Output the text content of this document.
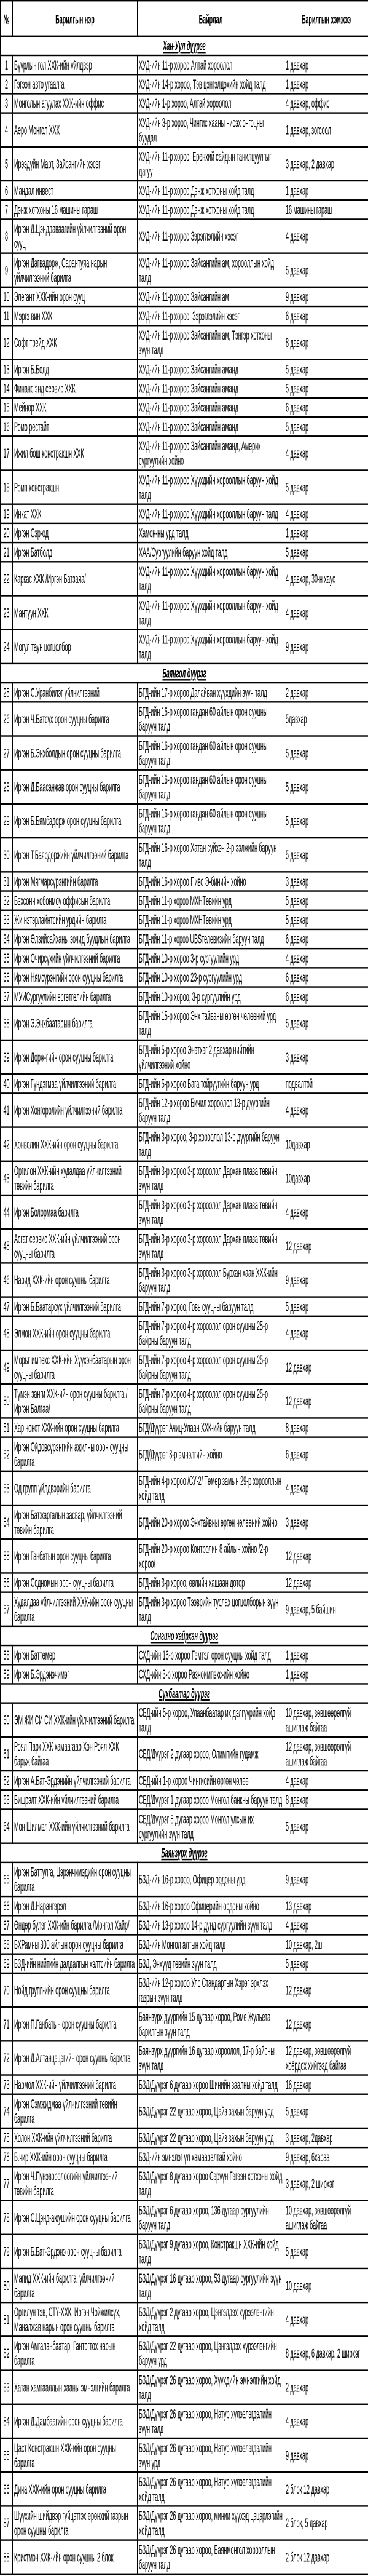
№	Барилгын нэр	Байрлал	Барилгын хэмжээ
Хан-Уул дүүрэг			
1	Бүүрлын гол ХХК-ийн үйлдвэр	ХУД-ийн 11-р хороо Алтай хороолол	1 давхар
2	Гэгээн авто угаалга	ХУД-ийн 14-р хороо, Тэв цэнгэлдэхийн хойд талд	1 давхар
3	Монголын агуулах ХХК-ийн оффис	ХУД-ийн 1-р хороо, Алтай хороолол	4 давхар, оффис
4	Аеро Монгол ХХК	ХУД-ийн 3-р хороо, Чингис хааны нисэх онгоцны буудал	1 давхар, зогсоол
5	Ирээдүйн Март, Зайсангийн хэсэг	ХУД-ийн 11-р хороо, Ерөнхий сайдын танилцуулгыг дагуу	3 давхар, 2 давхар
6	Мандал инвест	ХУД-ийн 11-р хороо Дэнж хотхоны хойд талд	1 давхар
7	Дэнж хотхоны 16 машины гараш	ХУД-ийн 11-р хороо Дэнж хотхоны хойд талд	16 машины гараш
8	Иргэн Д.Цэнддаваагийн үйлчилгээний орон сууц	ХУД-ийн 11-р хороо Зэрэглэлийн хэсэг	4 давхар
9	Иргэн Дагвадорж, Сарантуяа нарын үйлчилгээний барилга	ХУД-ийн 11-р хороо Зайсангийн ам, хорооллын хойд талд	5 давхар
10	Элегант ХХК-ийн орон сууц	ХУД-ийн 11-р хороо Зайсангийн ам	9 давхар
11	Мэргэ вин ХХК	ХУД-ийн 11-р хороо, Зэрэглэлийн хэсэг	6 давхар
12	Софт трейд ХХК	ХУД-ийн 11-р хороо Зайсангийн ам, Тэнгэр хотхоны зүүн талд	8 давхар
13	Иргэн Б.Болд	ХУД-ийн 11-р хороо Зайсангийн аманд	5 давхар
14	Финанс энд сервис ХХК	ХУД-ийн 11-р хороо Зайсангийн аманд	5 давхар
15	Мейнор ХХК	ХУД-ийн 11-р хороо Зайсангийн аманд	6 давхар
16	Ромо рестайт	ХУД-ийн 11-р хороо Зайсангийн аманд	5 давхар
17	Ижил бош констракшн ХХК	ХУД-ийн 11-р хороо Зайсангийн аманд, Америк сургуулийн хойно	4 давхар
18	Ромп констракшн	ХУД-ийн 11-р хороо Хүүхдийн хорооллын баруун хойд талд	5 давхар
19	Инкат ХХК	ХУД-ийн 11-р хороо Хүүхдийн хорооллын баруун талд	4 давхар
20	Иргэн Сэр-од	Хамон-ны урд талд	1 давхар
21	Иргэн Батболд	ХАА/Сургуулийн баруун хойд талд	5 давхар
22	Каркас ХХК /Иргэн Батзаяа/	ХУД-ийн 11-р хороо Хүүхдийн хорооллын баруун хойд талд	4 давхар, 30-н хаус
23	Мантуун ХХК	ХУД-ийн 11-р хороо Хүүхдийн хорооллын баруун хойд талд	4 давхар
24	Могул таун цогцолбор	ХУД-ийн 11-р хороо Хүүхдийн хорооллын баруун хойд талд	9 давхар
Баянгол дүүрэг			
25	Иргэн С.Уранбилэг үйлчилгээний	БГД-ийн 17-р хороо Далайван хүүхдийн зүүн талд	2 давхар
26	Иргэн Ч.Батсүх орон сууцны барилга	БГД-ийн 16-р хороо гандан 60 айлын орон сууцны баруун талд	5давхар
27	Иргэн Б.Энхболдын орон сууцны барилга	БГД-ийн 16-р хороо гандан 60 айлын орон сууцны баруун талд	5 давхар
28	Иргэн Д.Баасанжав орон сууцны барилга	БГД-ийн 16-р хороо гандан 60 айлын орон сууцны баруун талд	5 давхар
29	Иргэн Б.Бямбадорж орон сууцны барилга	БГД-ийн 16-р хороо гандан 60 айлын орон сууцны баруун талд	5 давхар
30	Иргэн Т.Баярдоржийн үйлчилгээний барилга	БГД-ийн 16-р хороо Хатан суйхэн 2-р ээлжийн баруун талд	5 давхар
31	Иргэн Мягмарсүрэнгийн барилга	БГД-ийн 16-р хороо Пиво Э-бинийн хойно	3 давхар
32	Бэхсонн хобонмоу оффисын барилга	БГД-ийн 11-р хороо МХНТөвийн урд	5 давхар
33	Жи нэтэрлайнтсийн урдийн барилга	БГД-ийн 11-р хороо МХНТөвийн урд	5 давхар
34	Иргэн Өлзийсайханы зочид буудлын барилга	БГД-ийн 11-р хороо UBSтелевизийн баруун талд	6 давхар
35	Иргэн Очирсүхийн үйлчилгээний барилга	БГД-ийн 10-р хороо 3-р сургуулийн урд	4 давхар
36	Иргэн Нямсүрэнгийн орон сууцны барилга	БГД-ийн 10-р хороо 23-р сургуулийн урд	6 давхар
37	МУИСургуулийн өргөтгөлийн барилга	БГД-ийн 10-р хороо, 3-р сургуулийн урд	6 давхар
38	Иргэн Э.Энхбаатарын барилга	БГД-ийн 15-р хороо Энх тайваны өргөн чөлөөний урд талд	5 давхар
39	Иргэн Дорж-гийн орон сууцны барилга	БГД-ийн 5-р хороо Энэтхэг 2 давхар нийтийн үйлчилгээний хойно	3 давхар
40	Иргэн Гүндэгмаа үйлчилгээний барилга	БГД-ийн 5-р хороо Бага тойруугийн баруун урд	подвалтой
41	Иргэн Хонгоролийн үйлчилгээний барилга	БГД-ийн 12-р хороо Бичил хороолол 13-р дүүргийн баруун талд	4 давхар
42	Хонволин ХХК-ийн орон сууцны барилга	БГД-ийн 3-р хороо, 3-р хороолол 13-р дүүргийн баруун талд	10давхар
43	Оргилон ХХК-ийн худалдаа үйлчилгээний төвийн барилга	БГД-ийн 3-р хороо 3-р хороолол Дархан плаза төвийн зүүн талд	10давхар
44	Иргэн Болормаа барилга	БГД-ийн 3-р хороо 3-р хороолол Дархан плаза төвийн зүүн талд	4 давхар
45	Асгат сервис ХХК-ийн үйлчилгээний орон сууцны барилга	БГД-ийн 3-р хороо 3-р хороолол Дархан плаза төвийн зүүн талд	12 давхар
46	Нарид ХХК-ийн орон сууцны барилга	БГД-ийн 3-р хороо 3-р хороолол Бурхан хаан ХХК-ийн баруун талд	9 давхар
47	Иргэн Б.Баатарсүх үйлчилгээний барилга	БГД-ийн 7-р хороо, Говь сууцны баруун талд	5 давхар
48	Элмон ХХК-ийн орон сууцны барилга	БГД-ийн 7-р хороо 4-р хороолол орон сууцны 25-р байрны баруун талд	4 давхар
49	Морьт импекс ХХК-ийн Хүүхэнбаатарын орон сууцны барилга	БГД-ийн 7-р хороо 4-р хороолол орон сууцны 25-р байрны баруун талд	12 давхар
50	Түмэн занги ХХК-ийн орон сууцны барилга /Иргэн Балгаа/	БГД-ийн 7-р хороо 4-р хороолол орон сууцны 25-р байрны баруун талд	12 давхар
51	Хар чонот ХХК-ийн орон сууцны барилга	БГД/Дүүрэг Ачиц-Улаан ХХК-ийн баруун талд	8 давхар
52	Иргэн Ойдовсүрэнгийн ажилны орон сууцны барилга	БГД/Дүүрэг 3-р эмнэлгийн хойно	6 давхар
53	Од групп үйлдвэрийн барилга	БГД-ийн 4-р хороо /СУ-2/ Төмөр замын 29-р хорооллын хойд талд	4 давхар
54	Иргэн Батжаргалын засвар, үйлчилгээний төвийн барилга	БГД-ийн 20-р хороо Энхтайвны өргөн чөлөөний хойно	3 давхар
55	Иргэн Ганбатын орон сууцны барилга	БГД-ийн 20-р хороо Контролин 8 айлын хойно /2-р хороо/	12 давхар
56	Иргэн Содномын орон сууцны барилга	БГД-ийн 3-р хороо, өвлийн хашаан дотор	12 давхар
57	Худалдаа үйлчилгээний ХХК-ийн орон сууцны барилга	БГД-ийн 3-р хороо Тээврийн туслах цогцолборын зүүн талд	9 давхар, 5 байшин
Сонгино хайрхан дүүрэг			
58	Иргэн Баттөмөр	СХД-ийн 16-р хороо Гэмтэл орон сууцны хойд талд	1 давхар
59	Иргэн Б.Эрдэнэчимэг	СХД-ийн 3-р хороо Разноимпэкс-ийн хойно	1 давхар
Сүхбаатар дүүрэг			
60	ЭМ ЖИ СИ СИ ХХК-ийн үйлчилгээний барилга	СБД-ийн 5-р хороо, Улаанбаатар их дэлгүүрийн хойд талд	10 давхар, зөвшөөрөлгүй ашиглаж байгаа
61	Роял Парк ХХК хамаагаар Хэн Роял ХХК барьж байгаа	СБД/Дүүрэг 2 дугаар хороо, Олимпийн гудамж	12 давхар, зөвшөөрөлгүй ашиглаж байгаа
62	Иргэн А.Бат-Эрдэнийн үйлчилгээний барилга	СБД-ийн 1-р хороо Чингисийн өргөн чөлөө	4 давхар
63	Бишрэлт ХХК-ийн үйлчилгээний барилга	СБД/Дүүрэг 1 дугаар хороо Монгол банкны баруун талд	8 давхар
64	Мон Шилмэл ХХК-ийн үйлчилгээний барилга	СБД/Дүүрэг 8 дугаар хороо Монгол улсын их сургуулийн зүүн талд	5 давхар
Баянзүрх дүүрэг			
65	Иргэн Баттулга, Цэрэнчимэдийн орон сууцны барилга	БЗД-ийн 16-р хороо, Офицер ордоны урд	9 давхар
66	Иргэн Д.Нарангэрэл	БЗД-ийн 16-р хороо Офицерийн ордоны хойно	13 давхар
67	Өндөр булэг ХХК-ийн барилга /Монгол Хайр/	БЗД-ийн 13-р хороо 14-р дунд сургуулийн зүүн талд	4 давхар
68	БХРамны 300 айлын орон сууцны барилга	БЗД-ийн Монгол алтын хойд талд	10 давхар, 2ш
69	БЗД-ийн нийтийн далдалгын хэлтсийн барилга	БЗД, Энхүүд төвийн зүүн талд	5 давхар
70	Нойд групп-ийн орон сууцны барилга	БЗД-ийн 12-р хороо Улс Стандартын Хэрэг эрхлэх газрын зүүн талд	12 давхар
71	Иргэн П.Ганбатын орон сууцны барилга	Баянзүрх дүүргийн 15 дугаар хороо, Роме Жульета барилгын зүүн талд	12 давхар
72	Иргэн Д.Алтанцэцэгийн орон сууцны барилга	Баянзүрх дүүргийн 16 дугаар хороолол, 17-р байрны зүүн талд	12 давхар, зөвшөөрөлгүй хоёрдох хийгээд байгаа
73	Нармол ХХК-ийн үйлчилгээний барилга	БЗД/Дүүрэг 6 дугаар хороо Шинийн заалны хойд талд	16 давхар
74	Иргэн Сэмжидмаа үйлчилгээний төвийн барилга	БЗД/Дүүрэг 22 дугаар хороо, Цайз захын баруун урд	5 давхар
75	Холон ХХК-ийн үйлчилгээний барилга	БЗД/Дүүрэг 22 дугаар хороо, Цайз захын баруун урд	3 давхар, 2давхар
76	Б.чир ХХК-ийн орон сууцны барилга	БЗД-ийн эмнэлэг үл хамааралтай хойно	9 давхар, 6хараа
77	Иргэн Ч.Пүнэворолоогийн үйлчилгээний төвийн барилга	БЗД/Дүүрэг 8 дугаар хороо Сэрүүн Гэгээн хотхоны хойд талд	3 давхар, 2 ширхэг
78	Иргэн С.Цэнд-аюушийн орон сууцны барилга	БЗД/Дүүрэг 6 дугаар хороо, 136 дугаар сургуулийн баруун талд	10 давхар, зөвшөөрөлгүй ашиглаж байгаа
79	Иргэн Б.Бат-Эрдэнэ орон сууцны барилга	БЗД/Дүүрэг 9 дугаар хороо, Констракшн ХХК-ийн хойд талд	5 давхар
80	Мапид ХХК-ийн барилга, үйлчилгээний барилга	БЗД/Дүүрэг 16 дугаар хороо, 53 дугаар сургуулийн зүүн талд	10 давхар
81	Оргилун тэв, СТҮ-ХХК, Иргэн Чойжилсүх, Маналжав нарын орон сууцны барилга	БЗД/Дүүрэг 2 дугаар хороо, Цэнгэлдэх хүрээлэнгийн хойд талд	4 давхар
82	Иргэн Амгаланбаатар, Гантогтох нарын барилга	БЗД/Дүүрэг 22 дугаар хороо, Цэнгэлдэх хүрээлэнгийн баруун урд	8 давхар, 6 давхар, 2 ширхэг
83	Хатан хамгааллын хааны эмнэлгийн барилга	БЗД/Дүүрэг 26 дугаар хороо, Хүүхдийн эмнэлгийн хойд талд	2 давхар
84	Иргэн Д.Дамбаагийн орон сууцны барилга	БЗД/Дүүрэг 26 дугаар хороо, Натур хүлээлэгдэлийн зүүн талд	4 давхар
85	Цаст Констракшн ХХК-ийн орон сууцны барилга	БЗД/Дүүрэг 26 дугаар хороо, Натур хүлээлэгдэлийн зүүн урд	9 давхар
86	Дина ХХК-ийн орон сууцны барилга	БЗД/Дүүрэг 26 дугаар хороо, Натур хүлээлэгдэлийн хойд талд	2 блок 12 давхар
87	Шүүхийн шийдвэр гүйцэтгэх ерөнхий газрын орон сууцны барилга	БЗД/Дүүрэг 26 дугаар хороо, минии хүүхэд цэцэрлэгийн хойд талд	2 блок, 5 давхар
88	Кристмэн ХХК-ийн орон сууцны 2 блок	БЗД/Дүүрэг 26 дугаар хороо, Баянмонгол хорооллын баруун талд	2 блок 12 давхар
